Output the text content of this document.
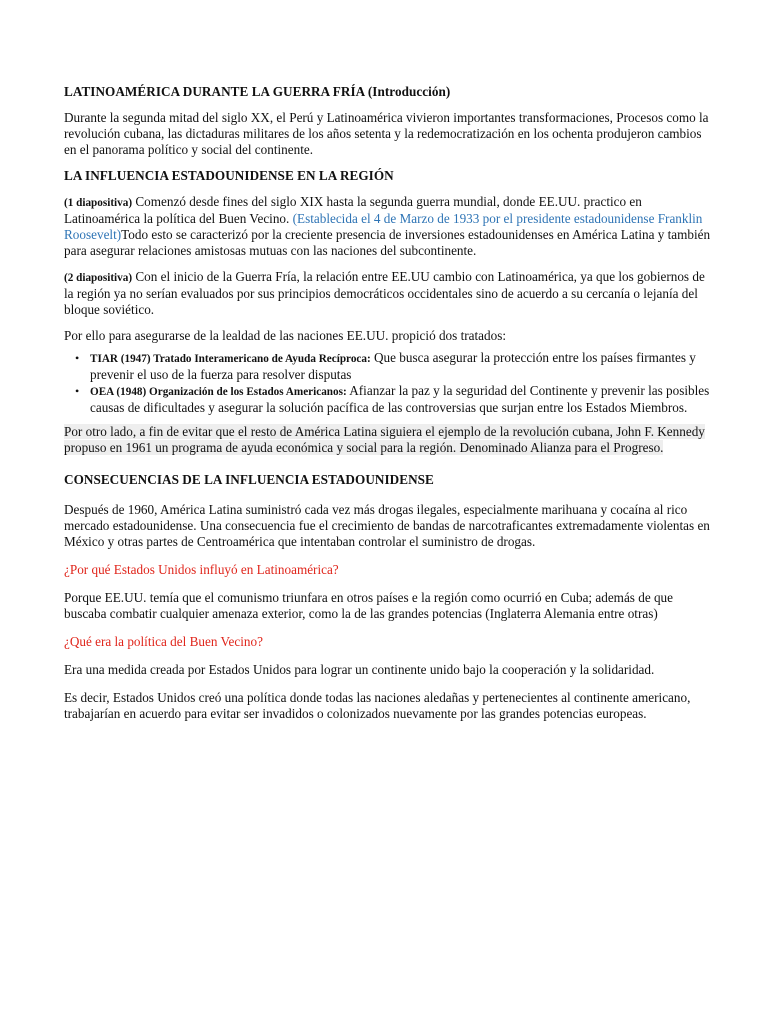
LATINOAMÉRICA DURANTE LA GUERRA FRÍA (Introducción)

Durante la segunda mitad del siglo XX, el Perú y Latinoamérica vivieron importantes transformaciones, Procesos como la revolución cubana, las dictaduras militares de los años setenta y la redemocratización en los ochenta produjeron cambios en el panorama político y social del continente.

LA INFLUENCIA ESTADOUNIDENSE EN LA REGIÓN

(1 diapositiva) Comenzó desde fines del siglo XIX hasta la segunda guerra mundial, donde EE.UU. practico en Latinoamérica la política del Buen Vecino. (Establecida el 4 de Marzo de 1933 por el presidente estadounidense Franklin Roosevelt)Todo esto se caracterizó por la creciente presencia de inversiones estadounidenses en América Latina y también para asegurar relaciones amistosas mutuas con las naciones del subcontinente.

(2 diapositiva) Con el inicio de la Guerra Fría, la relación entre EE.UU cambio con Latinoamérica, ya que los gobiernos de la región ya no serían evaluados por sus principios democráticos occidentales sino de acuerdo a su cercanía o lejanía del bloque soviético.

Por ello para asegurarse de la lealdad de las naciones EE.UU. propició dos tratados:

• TIAR (1947) Tratado Interamericano de Ayuda Recíproca: Que busca asegurar la protección entre los países firmantes y prevenir el uso de la fuerza para resolver disputas
• OEA (1948) Organización de los Estados Americanos: Afianzar la paz y la seguridad del Continente y prevenir las posibles causas de dificultades y asegurar la solución pacífica de las controversias que surjan entre los Estados Miembros.

Por otro lado, a fin de evitar que el resto de América Latina siguiera el ejemplo de la revolución cubana, John F. Kennedy propuso en 1961 un programa de ayuda económica y social para la región. Denominado Alianza para el Progreso.

CONSECUENCIAS DE LA INFLUENCIA ESTADOUNIDENSE

Después de 1960, América Latina suministró cada vez más drogas ilegales, especialmente marihuana y cocaína al rico mercado estadounidense. Una consecuencia fue el crecimiento de bandas de narcotraficantes extremadamente violentas en México y otras partes de Centroamérica que intentaban controlar el suministro de drogas.

¿Por qué Estados Unidos influyó en Latinoamérica?

Porque EE.UU. temía que el comunismo triunfara en otros países e la región como ocurrió en Cuba; además de que buscaba combatir cualquier amenaza exterior, como la de las grandes potencias (Inglaterra Alemania entre otras)

¿Qué era la política del Buen Vecino?

Era una medida creada por Estados Unidos para lograr un continente unido bajo la cooperación y la solidaridad.

Es decir, Estados Unidos creó una política donde todas las naciones aledañas y pertenecientes al continente americano, trabajarían en acuerdo para evitar ser invadidos o colonizados nuevamente por las grandes potencias europeas.
